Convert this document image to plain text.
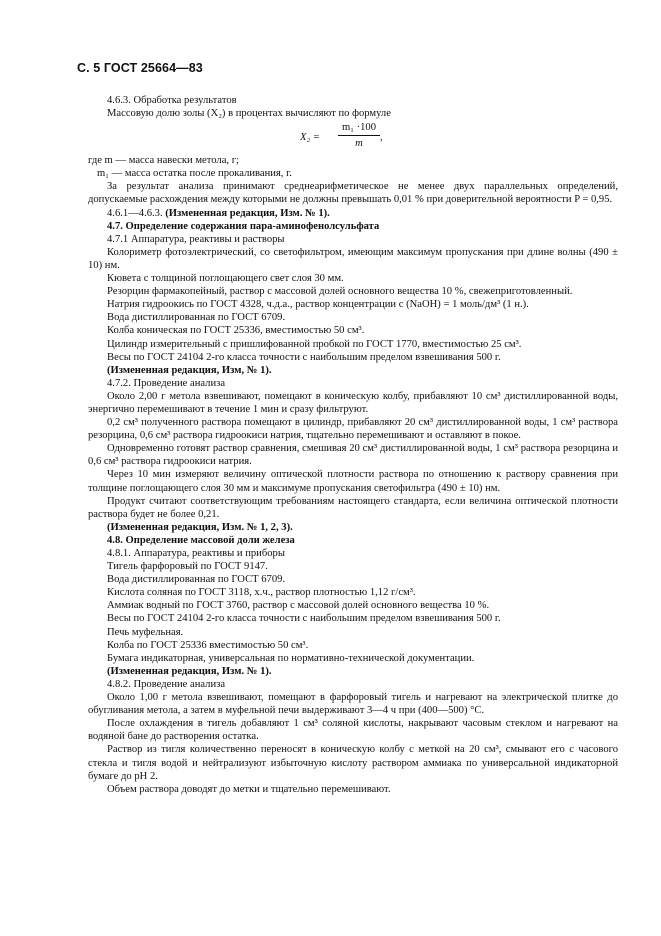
С. 5 ГОСТ 25664—83

4.6.3. Обработка результатов

Массовую долю золы (X₂) в процентах вычисляют по формуле

$X_2 = \frac{\text{m₁ ·100}}{m}$ ,

где m — масса навески метола, г;

m₁ — масса остатка после прокаливания, г.

За результат анализа принимают среднеарифметическое не менее двух параллельных определений, допускаемые расхождения между которыми не должны превышать 0,01 % при доверительной вероятности P = 0,95.

4.6.1—4.6.3. (Измененная редакция, Изм. № 1).

4.7. Определение содержания пара-аминофенолсульфата

4.7.1 Аппаратура, реактивы и растворы

Колориметр фотоэлектрический, со светофильтром, имеющим максимум пропускания при длине волны (490 ± 10) нм.

Кювета с толщиной поглощающего свет слоя 30 мм.

Резорцин фармакопейный, раствор с массовой долей основного вещества 10 %, свежеприготовленный.

Натрия гидроокись по ГОСТ 4328, ч.д.а., раствор концентрации c (NaOH) = 1 моль/дм³ (1 н.).

Вода дистиллированная по ГОСТ 6709.

Колба коническая по ГОСТ 25336, вместимостью 50 см³.

Цилиндр измерительный с пришлифованной пробкой по ГОСТ 1770, вместимостью 25 см³.

Весы по ГОСТ 24104 2-го класса точности с наибольшим пределом взвешивания 500 г.

(Измененная редакция, Изм, № 1).

4.7.2. Проведение анализа

Около 2,00 г метола взвешивают, помещают в коническую колбу, прибавляют 10 см³ дистиллированной воды, энергично перемешивают в течение 1 мин и сразу фильтруют.

0,2 см³ полученного раствора помещают в цилиндр, прибавляют 20 см³ дистиллированной воды, 1 см³ раствора резорцина, 0,6 см³ раствора гидроокиси натрия, тщательно перемешивают и оставляют в покое.

Одновременно готовят раствор сравнения, смешивая 20 см³ дистиллированной воды, 1 см³ раствора резорцина и 0,6 см³ раствора гидроокиси натрия.

Через 10 мин измеряют величину оптической плотности раствора по отношению к раствору сравнения при толщине поглощающего слоя 30 мм и максимуме пропускания светофильтра (490 ± 10) нм.

Продукт считают соответствующим требованиям настоящего стандарта, если величина оптической плотности раствора будет не более 0,21.

(Измененная редакция, Изм. № 1, 2, 3).

4.8. Определение массовой доли железа

4.8.1. Аппаратура, реактивы и приборы

Тигель фарфоровый по ГОСТ 9147.

Вода дистиллированная по ГОСТ 6709.

Кислота соляная по ГОСТ 3118, х.ч., раствор плотностью 1,12 г/см³.

Аммиак водный по ГОСТ 3760, раствор с массовой долей основного вещества 10 %.

Весы по ГОСТ 24104 2-го класса точности с наибольшим пределом взвешивания 500 г.

Печь муфельная.

Колба по ГОСТ 25336 вместимостью 50 см³.

Бумага индикаторная, универсальная по нормативно-технической документации.

(Измененная редакция, Изм. № 1).

4.8.2. Проведение анализа

Около 1,00 г метола взвешивают, помещают в фарфоровый тигель и нагревают на электрической плитке до обугливания метола, а затем в муфельной печи выдерживают 3—4 ч при (400—500) °С.

После охлаждения в тигель добавляют 1 см³ соляной кислоты, накрывают часовым стеклом и нагревают на водяной бане до растворения остатка.

Раствор из тигля количественно переносят в коническую колбу с меткой на 20 см³, смывают его с часового стекла и тигля водой и нейтрализуют избыточную кислоту раствором аммиака по универсальной индикаторной бумаге до рН 2.

Объем раствора доводят до метки и тщательно перемешивают.
